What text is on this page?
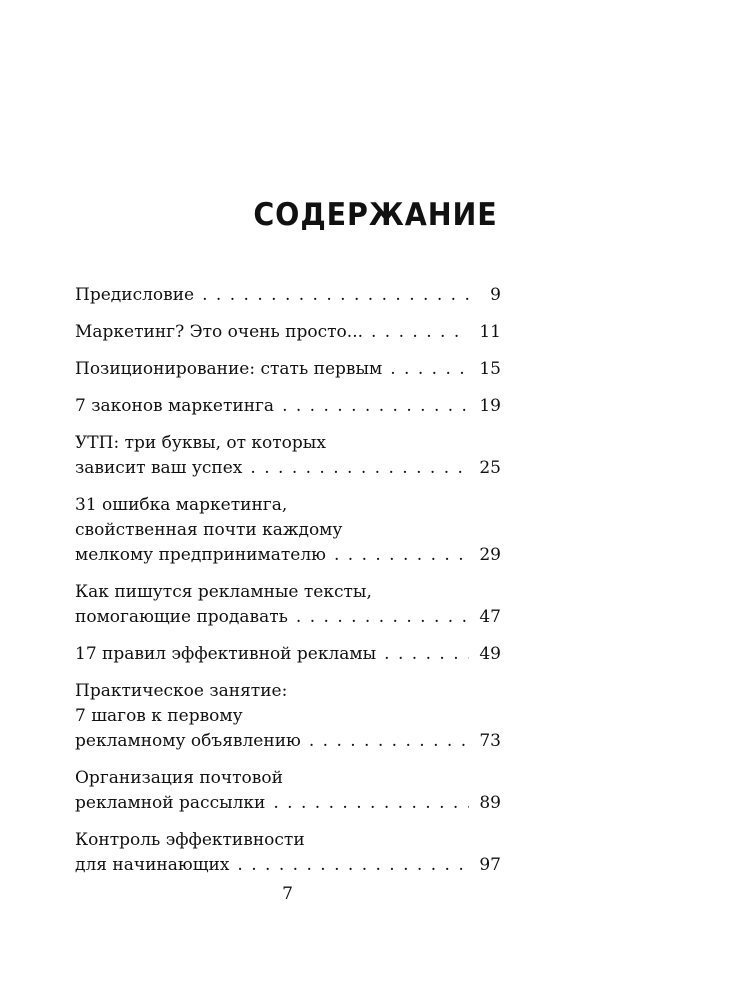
СОДЕРЖАНИЕ
Предисловие . . .	9
Маркетинг? Это очень просто... . . .	11
Позиционирование: стать первым . . .	15
7 законов маркетинга . . .	19
УТП: три буквы, от которых
зависит ваш успех . . .	25
31 ошибка маркетинга,
свойственная почти каждому
мелкому предпринимателю . . .	29
Как пишутся рекламные тексты,
помогающие продавать . . .	47
17 правил эффективной рекламы . . .	49
Практическое занятие:
7 шагов к первому
рекламному объявлению . . .	73
Организация почтовой
рекламной рассылки . . .	89
Контроль эффективности
для начинающих . . .	97
7
